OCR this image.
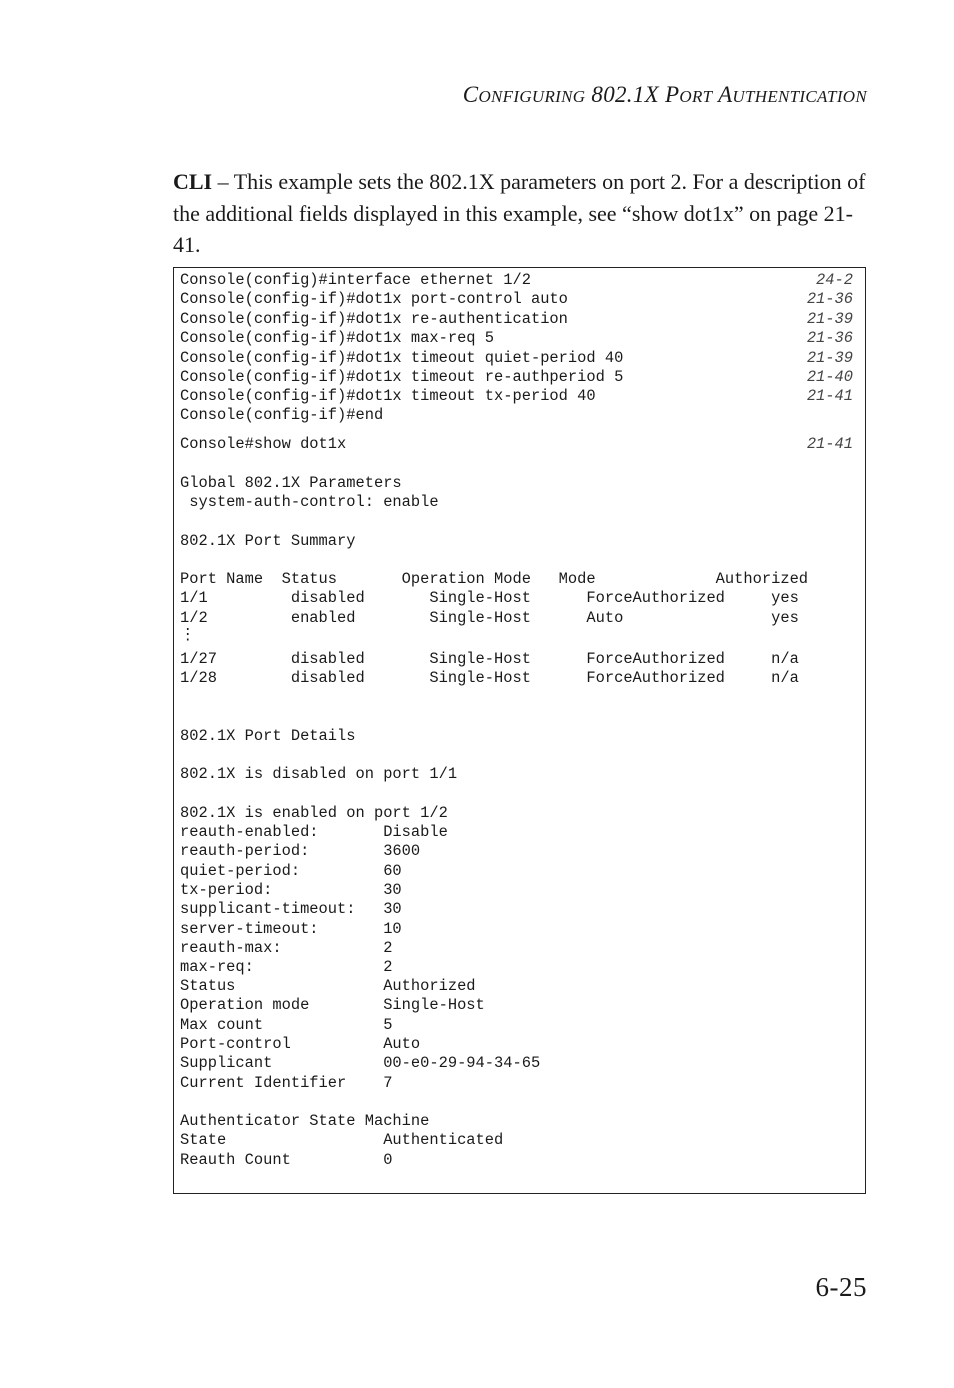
CONFIGURING 802.1X PORT AUTHENTICATION
CLI – This example sets the 802.1X parameters on port 2. For a description of the additional fields displayed in this example, see “show dot1x” on page 21-41.
Console(config)#interface ethernet 1/2	24-2
Console(config-if)#dot1x port-control auto	21-36
Console(config-if)#dot1x re-authentication	21-39
Console(config-if)#dot1x max-req 5	21-36
Console(config-if)#dot1x timeout quiet-period 40	21-39
Console(config-if)#dot1x timeout re-authperiod 5	21-40
Console(config-if)#dot1x timeout tx-period 40	21-41
Console(config-if)#end
Console#show dot1x	21-41
Global 802.1X Parameters
system-auth-control: enable
802.1X Port Summary
Port Name  Status       Operation Mode   Mode             Authorized
1/1         disabled       Single-Host      ForceAuthorized     yes
1/2         enabled        Single-Host      Auto                yes
⋮
1/27        disabled       Single-Host      ForceAuthorized     n/a
1/28        disabled       Single-Host      ForceAuthorized     n/a
802.1X Port Details
802.1X is disabled on port 1/1
802.1X is enabled on port 1/2
reauth-enabled:       Disable
reauth-period:        3600
quiet-period:         60
tx-period:            30
supplicant-timeout:   30
server-timeout:       10
reauth-max:           2
max-req:              2
Status                Authorized
Operation mode        Single-Host
Max count             5
Port-control          Auto
Supplicant            00-e0-29-94-34-65
Current Identifier    7
Authenticator State Machine
State                 Authenticated
Reauth Count          0
6-25
